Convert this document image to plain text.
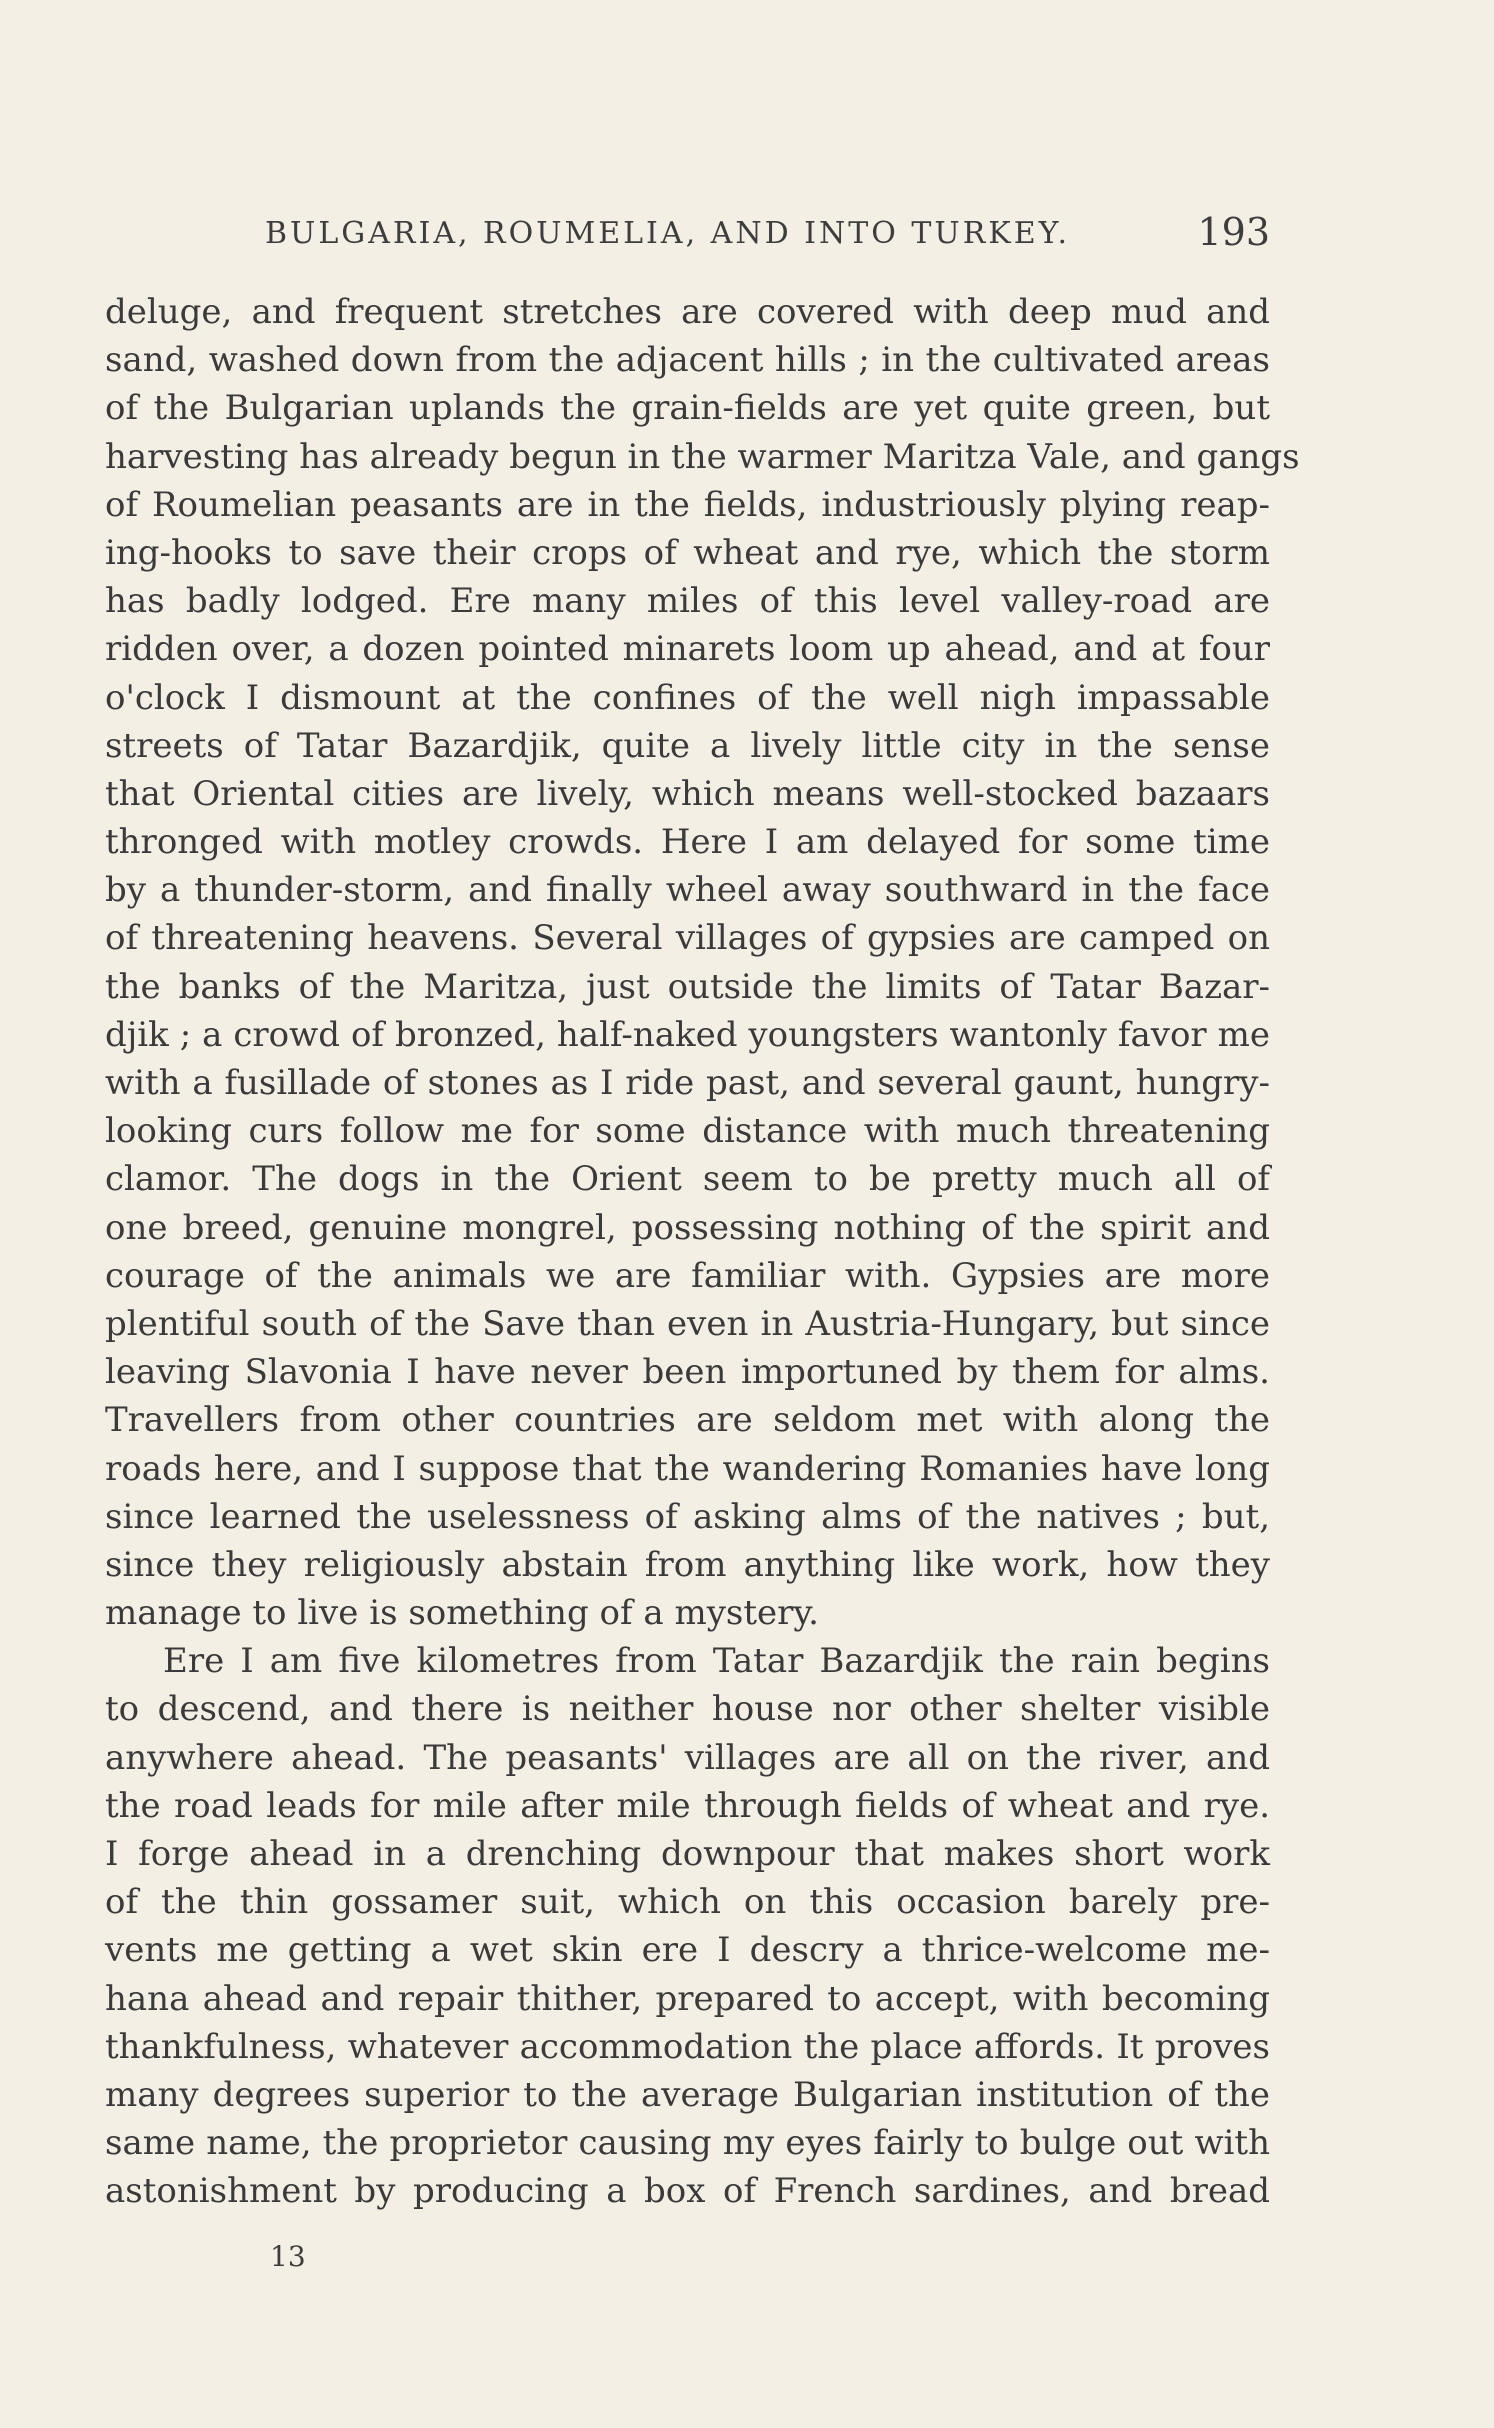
BULGARIA, ROUMELIA, AND INTO TURKEY.	193
deluge, and frequent stretches are covered with deep mud and
sand, washed down from the adjacent hills ; in the cultivated areas
of the Bulgarian uplands the grain-fields are yet quite green, but
harvesting has already begun in the warmer Maritza Vale, and gangs
of Roumelian peasants are in the fields, industriously plying reap-
ing-hooks to save their crops of wheat and rye, which the storm
has badly lodged. Ere many miles of this level valley-road are
ridden over, a dozen pointed minarets loom up ahead, and at four
o'clock I dismount at the confines of the well nigh impassable
streets of Tatar Bazardjik, quite a lively little city in the sense
that Oriental cities are lively, which means well-stocked bazaars
thronged with motley crowds. Here I am delayed for some time
by a thunder-storm, and finally wheel away southward in the face
of threatening heavens. Several villages of gypsies are camped on
the banks of the Maritza, just outside the limits of Tatar Bazar-
djik ; a crowd of bronzed, half-naked youngsters wantonly favor me
with a fusillade of stones as I ride past, and several gaunt, hungry-
looking curs follow me for some distance with much threatening
clamor. The dogs in the Orient seem to be pretty much all of
one breed, genuine mongrel, possessing nothing of the spirit and
courage of the animals we are familiar with. Gypsies are more
plentiful south of the Save than even in Austria-Hungary, but since
leaving Slavonia I have never been importuned by them for alms.
Travellers from other countries are seldom met with along the
roads here, and I suppose that the wandering Romanies have long
since learned the uselessness of asking alms of the natives ; but,
since they religiously abstain from anything like work, how they
manage to live is something of a mystery.
Ere I am five kilometres from Tatar Bazardjik the rain begins
to descend, and there is neither house nor other shelter visible
anywhere ahead. The peasants' villages are all on the river, and
the road leads for mile after mile through fields of wheat and rye.
I forge ahead in a drenching downpour that makes short work
of the thin gossamer suit, which on this occasion barely pre-
vents me getting a wet skin ere I descry a thrice-welcome me-
hana ahead and repair thither, prepared to accept, with becoming
thankfulness, whatever accommodation the place affords. It proves
many degrees superior to the average Bulgarian institution of the
same name, the proprietor causing my eyes fairly to bulge out with
astonishment by producing a box of French sardines, and bread
13
